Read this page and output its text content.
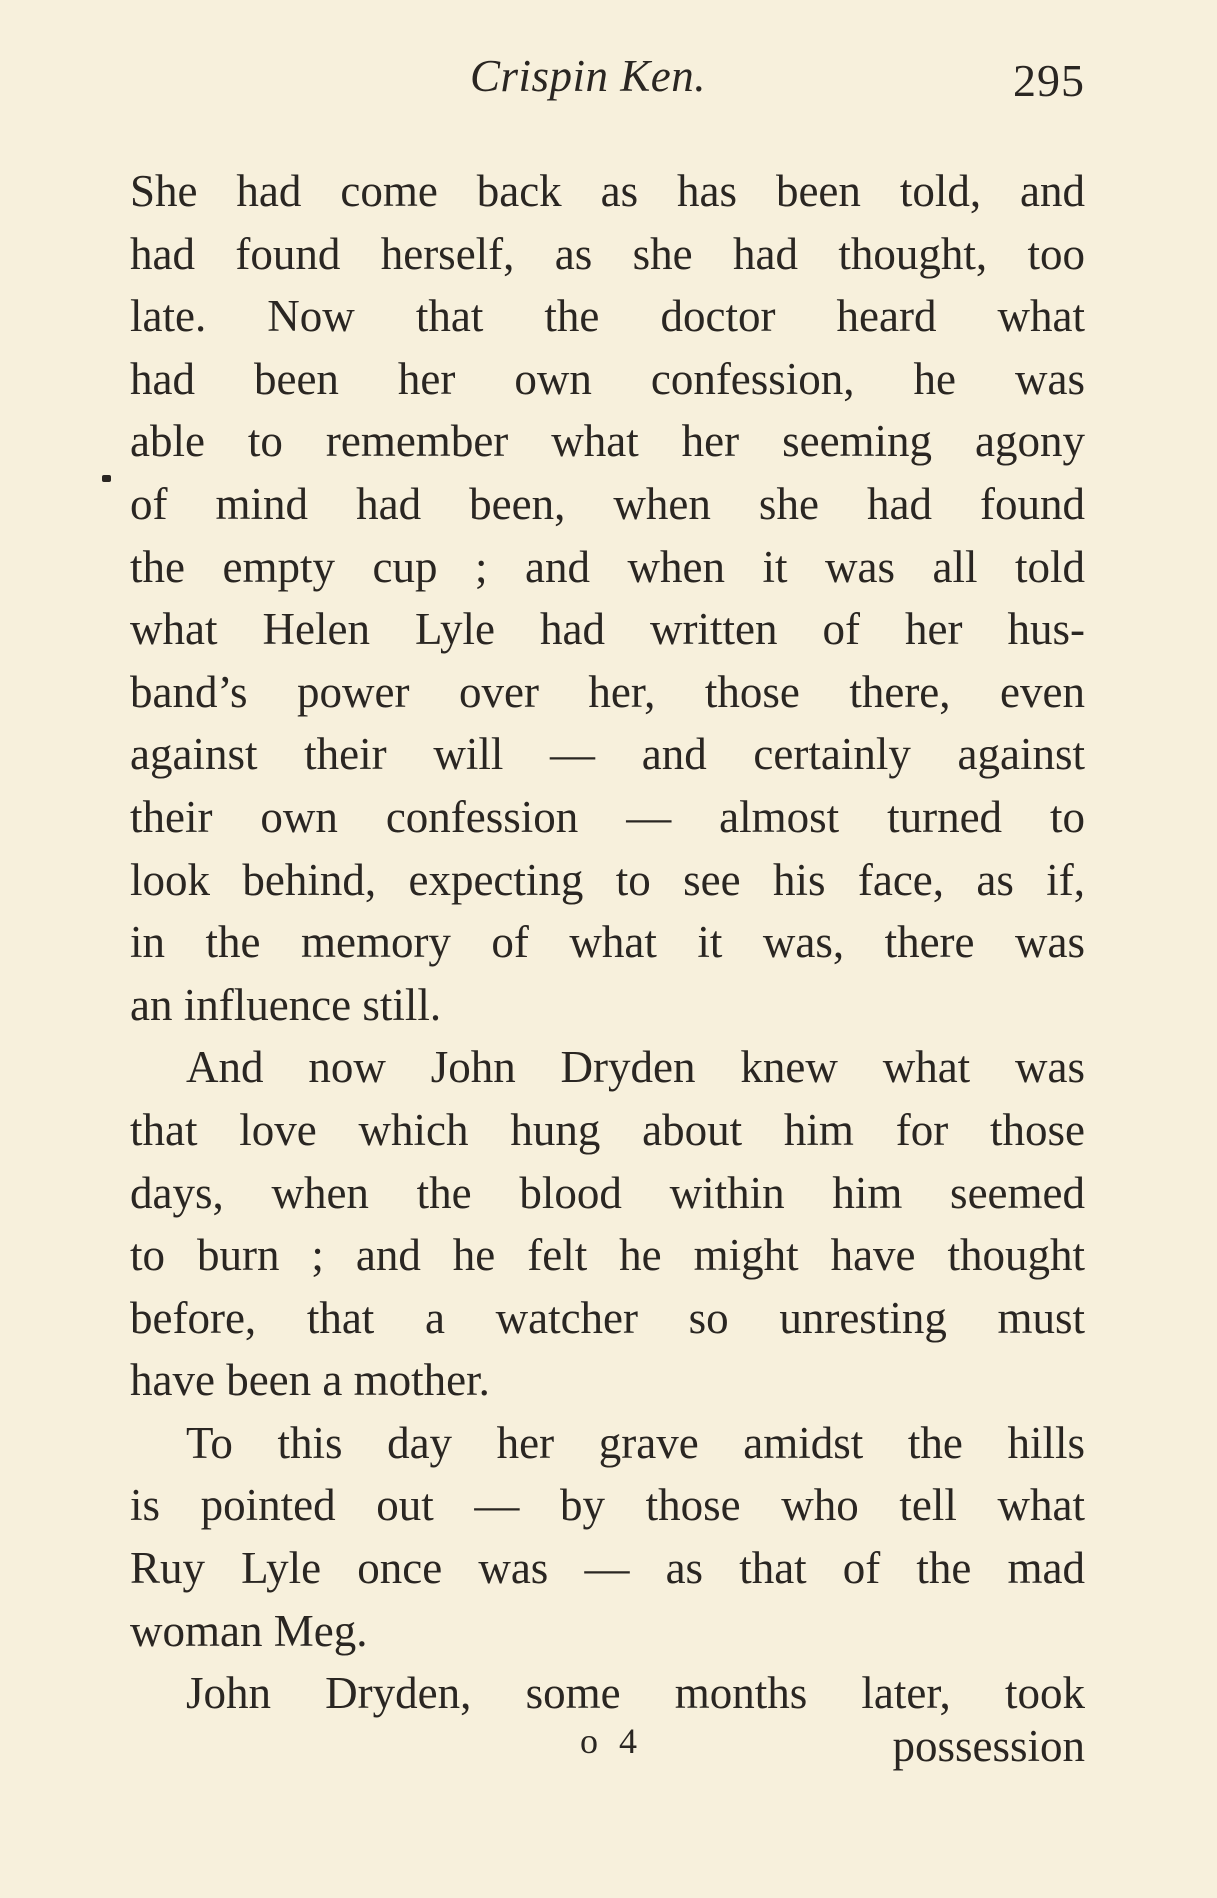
Crispin Ken.	295
She had come back as has been told, and
had found herself, as she had thought, too
late. Now that the doctor heard what
had been her own confession, he was
able to remember what her seeming agony
of mind had been, when she had found
the empty cup ; and when it was all told
what Helen Lyle had written of her hus-
band’s power over her, those there, even
against their will — and certainly against
their own confession — almost turned to
look behind, expecting to see his face, as if,
in the memory of what it was, there was
an influence still.
And now John Dryden knew what was
that love which hung about him for those
days, when the blood within him seemed
to burn ; and he felt he might have thought
before, that a watcher so unresting must
have been a mother.
To this day her grave amidst the hills
is pointed out — by those who tell what
Ruy Lyle once was — as that of the mad
woman Meg.
John Dryden, some months later, took
o 4	possession
